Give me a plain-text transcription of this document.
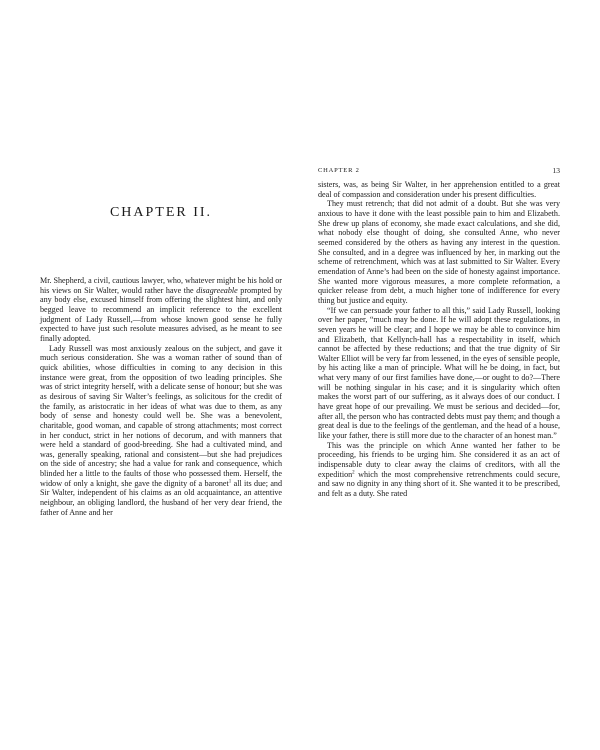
CHAPTER II.

Mr. Shepherd, a civil, cautious lawyer, who, whatever might be his hold or his views on Sir Walter, would rather have the disagreeable prompted by any body else, excused himself from offering the slightest hint, and only begged leave to recommend an implicit reference to the excellent judgment of Lady Russell,—from whose known good sense he fully expected to have just such resolute measures advised, as he meant to see finally adopted.

Lady Russell was most anxiously zealous on the subject, and gave it much serious consideration. She was a woman rather of sound than of quick abilities, whose difficulties in coming to any decision in this instance were great, from the opposition of two leading principles. She was of strict integrity herself, with a delicate sense of honour; but she was as desirous of saving Sir Walter’s feelings, as solicitous for the credit of the family, as aristocratic in her ideas of what was due to them, as any body of sense and honesty could well be. She was a benevolent, charitable, good woman, and capable of strong attachments; most correct in her conduct, strict in her notions of decorum, and with manners that were held a standard of good-breeding. She had a cultivated mind, and was, generally speaking, rational and consistent—but she had prejudices on the side of ancestry; she had a value for rank and consequence, which blinded her a little to the faults of those who possessed them. Herself, the widow of only a knight, she gave the dignity of a baronet$^1$ all its due; and Sir Walter, independent of his claims as an old acquaintance, an attentive neighbour, an obliging landlord, the husband of her very dear friend, the father of Anne and her

CHAPTER 2	13

sisters, was, as being Sir Walter, in her apprehension entitled to a great deal of compassion and consideration under his present difficulties.

They must retrench; that did not admit of a doubt. But she was very anxious to have it done with the least possible pain to him and Elizabeth. She drew up plans of economy, she made exact calculations, and she did, what nobody else thought of doing, she consulted Anne, who never seemed considered by the others as having any interest in the question. She consulted, and in a degree was influenced by her, in marking out the scheme of retrenchment, which was at last submitted to Sir Walter. Every emendation of Anne’s had been on the side of honesty against importance. She wanted more vigorous measures, a more complete reformation, a quicker release from debt, a much higher tone of indifference for every thing but justice and equity.

“If we can persuade your father to all this,” said Lady Russell, looking over her paper, “much may be done. If he will adopt these regulations, in seven years he will be clear; and I hope we may be able to convince him and Elizabeth, that Kellynch-hall has a respectability in itself, which cannot be affected by these reductions; and that the true dignity of Sir Walter Elliot will be very far from lessened, in the eyes of sensible people, by his acting like a man of principle. What will he be doing, in fact, but what very many of our first families have done,—or ought to do?—There will be nothing singular in his case; and it is singularity which often makes the worst part of our suffering, as it always does of our conduct. I have great hope of our prevailing. We must be serious and decided—for, after all, the person who has contracted debts must pay them; and though a great deal is due to the feelings of the gentleman, and the head of a house, like your father, there is still more due to the character of an honest man.”

This was the principle on which Anne wanted her father to be proceeding, his friends to be urging him. She considered it as an act of indispensable duty to clear away the claims of creditors, with all the expedition$^2$ which the most comprehensive retrenchments could secure, and saw no dignity in any thing short of it. She wanted it to be prescribed, and felt as a duty. She rated
